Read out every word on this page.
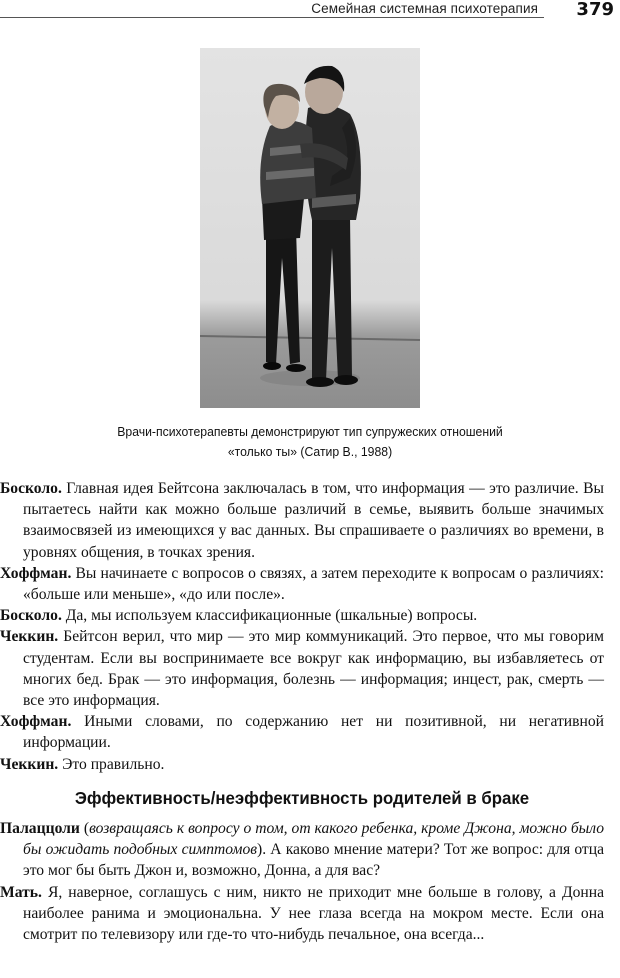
Семейная системная психотерапия 379
Врачи-психотерапевты демонстрируют тип супружеских отношений
«только ты» (Сатир В., 1988)

Босколо. Главная идея Бейтсона заключалась в том, что информация — это различие. Вы пытаетесь найти как можно больше различий в семье, выявить больше значимых взаимосвязей из имеющихся у вас данных. Вы спрашиваете о различиях во времени, в уровнях общения, в точках зрения.

Хоффман. Вы начинаете с вопросов о связях, а затем переходите к вопросам о различиях: «больше или меньше», «до или после».

Босколо. Да, мы используем классификационные (шкальные) вопросы.

Чеккин. Бейтсон верил, что мир — это мир коммуникаций. Это первое, что мы говорим студентам. Если вы воспринимаете все вокруг как информацию, вы избавляетесь от многих бед. Брак — это информация, болезнь — информация; инцест, рак, смерть — все это информация.

Хоффман. Иными словами, по содержанию нет ни позитивной, ни негативной информации.

Чеккин. Это правильно.

Эффективность/неэффективность родителей в браке

Палаццоли (возвращаясь к вопросу о том, от какого ребенка, кроме Джона, можно было бы ожидать подобных симптомов). А каково мнение матери? Тот же вопрос: для отца это мог бы быть Джон и, возможно, Донна, а для вас?

Мать. Я, наверное, соглашусь с ним, никто не приходит мне больше в голову, а Донна наиболее ранима и эмоциональна. У нее глаза всегда на мокром месте. Если она смотрит по телевизору или где-то что-нибудь печальное, она всегда...
